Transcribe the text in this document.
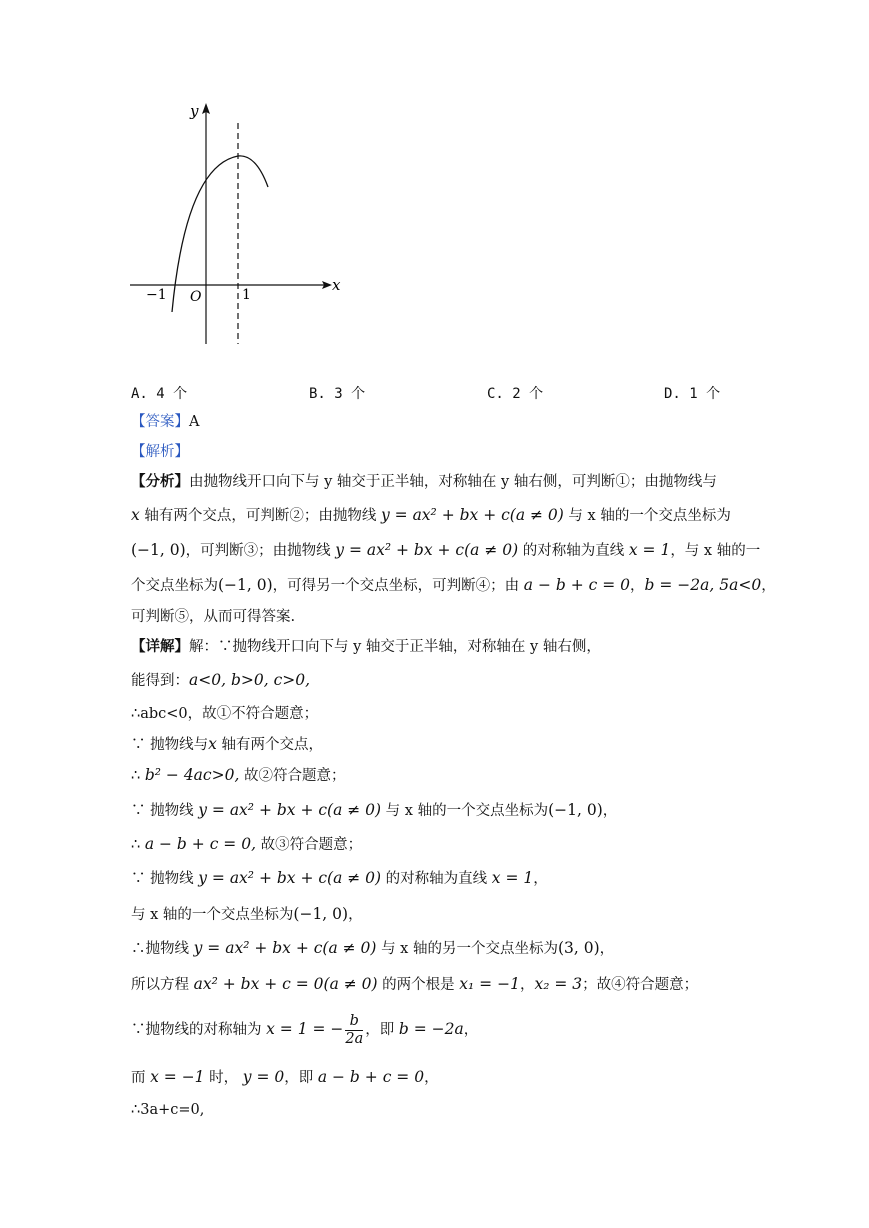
y
x
O
−1	1
A. 4 个	B. 3 个	C. 2 个	D. 1 个
【答案】A
【解析】
【分析】由抛物线开口向下与 y 轴交于正半轴，对称轴在 y 轴右侧，可判断①；由抛物线与
x 轴有两个交点，可判断②；由抛物线 y = ax² + bx + c(a ≠ 0) 与 x 轴的一个交点坐标为
(−1, 0)，可判断③；由抛物线 y = ax² + bx + c(a ≠ 0) 的对称轴为直线 x = 1，与 x 轴的一
个交点坐标为(−1, 0)，可得另一个交点坐标，可判断④；由 a − b + c = 0，b = −2a, 5a<0，
可判断⑤，从而可得答案.
【详解】解：∵抛物线开口向下与 y 轴交于正半轴，对称轴在 y 轴右侧，
能得到：a<0, b>0, c>0,
∴abc<0，故①不符合题意；
∵ 抛物线与x 轴有两个交点，
∴ b² − 4ac>0, 故②符合题意；
∵ 抛物线 y = ax² + bx + c(a ≠ 0) 与 x 轴的一个交点坐标为(−1, 0)，
∴ a − b + c = 0, 故③符合题意；
∵ 抛物线 y = ax² + bx + c(a ≠ 0) 的对称轴为直线 x = 1，
与 x 轴的一个交点坐标为(−1, 0)，
∴抛物线 y = ax² + bx + c(a ≠ 0) 与 x 轴的另一个交点坐标为(3, 0)，
所以方程 ax² + bx + c = 0(a ≠ 0) 的两个根是 x₁ = −1，x₂ = 3；故④符合题意；
∵抛物线的对称轴为 x = 1 = − $\frac{b}{2a}$ ，即 b = −2a，
而 x = −1 时， y = 0，即 a − b + c = 0，
∴3a+c=0,
